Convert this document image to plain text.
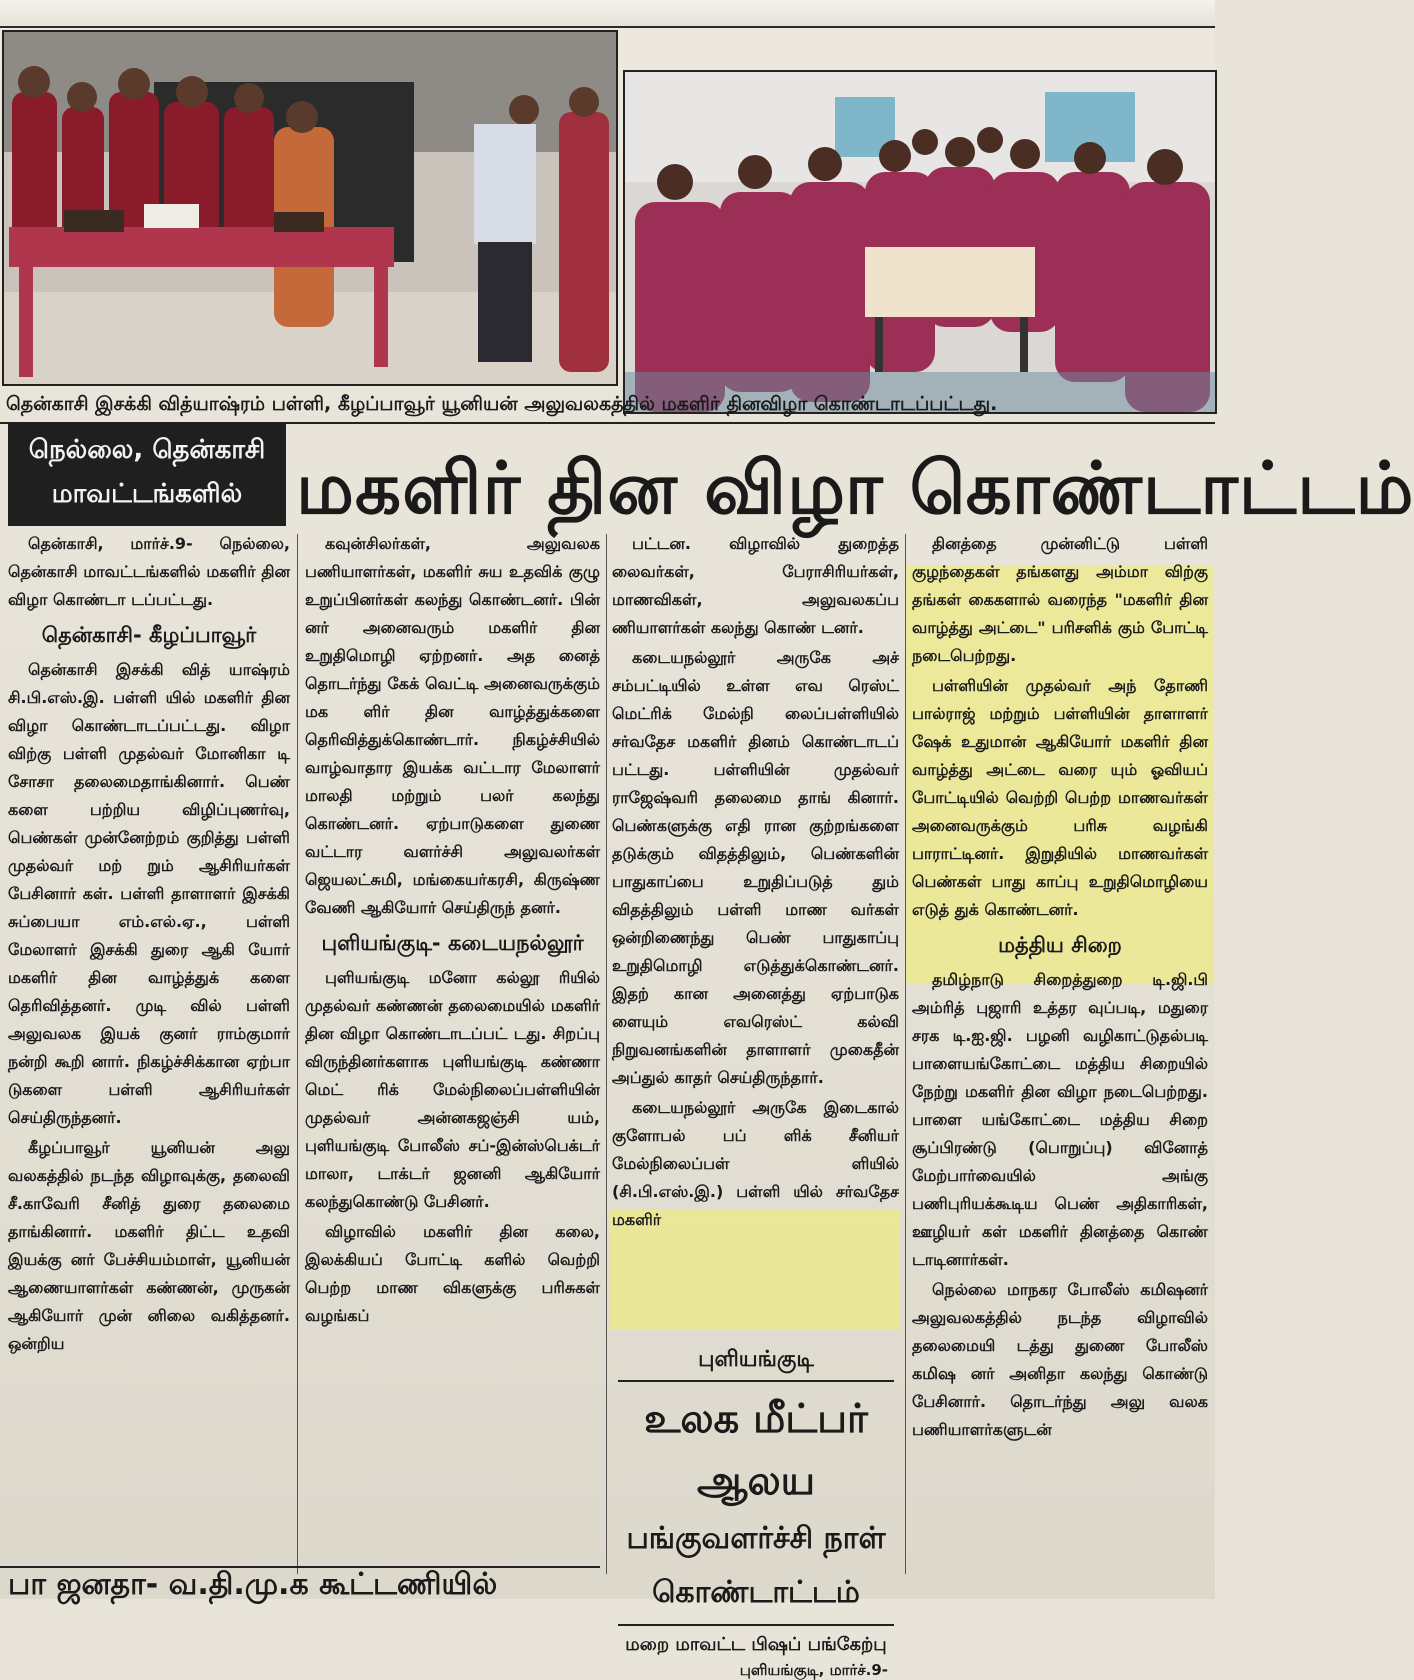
தென்காசி இசக்கி வித்யாஷ்ரம் பள்ளி, கீழப்பாவூர் யூனியன் அலுவலகத்தில் மகளிர் தினவிழா கொண்டாடப்பட்டது.
நெல்லை, தென்காசி
மாவட்டங்களில் மகளிர் தின விழா கொண்டாட்டம்

தென்காசி, மார்ச்.9- நெல்லை, தென்காசி மாவட்டங்களில் மகளிர் தின விழா கொண்டா டப்பட்டது.

தென்காசி- கீழப்பாவூர்

தென்காசி இசக்கி வித் யாஷ்ரம் சி.பி.எஸ்.இ. பள்ளி யில் மகளிர் தின விழா கொண்டாடப்பட்டது. விழா விற்கு பள்ளி முதல்வர் மோனிகா டி சோசா தலைமைதாங்கினார். பெண் களை பற்றிய விழிப்புணர்வு, பெண்கள் முன்னேற்றம் குறித்து பள்ளி முதல்வர் மற் றும் ஆசிரியர்கள் பேசினார் கள். பள்ளி தாளாளர் இசக்கி சுப்பையா எம்.எல்.ஏ., பள்ளி மேலாளர் இசக்கி துரை ஆகி யோர் மகளிர் தின வாழ்த்துக் களை தெரிவித்தனர். முடி வில் பள்ளி அலுவலக இயக் குனர் ராம்குமார் நன்றி கூறி னார். நிகழ்ச்சிக்கான ஏற்பா டுகளை பள்ளி ஆசிரியர்கள் செய்திருந்தனர்.

கீழப்பாவூர் யூனியன் அலு வலகத்தில் நடந்த விழாவுக்கு, தலைவி சீ.காவேரி சீனித் துரை தலைமை தாங்கினார். மகளிர் திட்ட உதவி இயக்கு னர் பேச்சியம்மாள், யூனியன் ஆணையாளர்கள் கண்ணன், முருகன் ஆகியோர் முன் னிலை வகித்தனர். ஒன்றிய

கவுன்சிலர்கள், அலுவலக பணியாளர்கள், மகளிர் சுய உதவிக் குழு உறுப்பினர்கள் கலந்து கொண்டனர். பின் னர் அனைவரும் மகளிர் தின உறுதிமொழி ஏற்றனர். அத னைத் தொடர்ந்து கேக் வெட்டி அனைவருக்கும் மக ளிர் தின வாழ்த்துக்களை தெரிவித்துக்கொண்டார். நிகழ்ச்சியில் வாழ்வாதார இயக்க வட்டார மேலாளர் மாலதி மற்றும் பலர் கலந்து கொண்டனர். ஏற்பாடுகளை துணை வட்டார வளர்ச்சி அலுவலர்கள் ஜெயலட்சுமி, மங்கையர்கரசி, கிருஷ்ண வேணி ஆகியோர் செய்திருந் தனர்.

புளியங்குடி- கடையநல்லூர்

புளியங்குடி மனோ கல்லூ ரியில் முதல்வர் கண்ணன் தலைமையில் மகளிர் தின விழா கொண்டாடப்பட் டது. சிறப்பு விருந்தினர்களாக புளியங்குடி கண்ணா மெட் ரிக் மேல்நிலைப்பள்ளியின் முதல்வர் அன்னகஜஞ்சி யம், புளியங்குடி போலீஸ் சப்-இன்ஸ்பெக்டர் மாலா, டாக்டர் ஜனனி ஆகியோர் கலந்துகொண்டு பேசினர்.

விழாவில் மகளிர் தின கலை, இலக்கியப் போட்டி களில் வெற்றி பெற்ற மாண விகளுக்கு பரிசுகள் வழங்கப்

பட்டன. விழாவில் துறைத்த லைவர்கள், பேராசிரியர்கள், மாணவிகள், அலுவலகப்ப ணியாளர்கள் கலந்து கொண் டனர்.

கடையநல்லூர் அருகே அச் சம்பட்டியில் உள்ள எவ ரெஸ்ட் மெட்ரிக் மேல்நி லைப்பள்ளியில் சர்வதேச மகளிர் தினம் கொண்டாடப் பட்டது. பள்ளியின் முதல்வர் ராஜேஷ்வரி தலைமை தாங் கினார். பெண்களுக்கு எதி ரான குற்றங்களை தடுக்கும் விதத்திலும், பெண்களின் பாதுகாப்பை உறுதிப்படுத் தும் விதத்திலும் பள்ளி மாண வர்கள் ஒன்றிணைந்து பெண் பாதுகாப்பு உறுதிமொழி எடுத்துக்கொண்டனர். இதற் கான அனைத்து ஏற்பாடுக ளையும் எவரெஸ்ட் கல்வி நிறுவனங்களின் தாளாளர் முகைதீன் அப்துல் காதர் செய்திருந்தார்.

கடையநல்லூர் அருகே இடைகால் குளோபல் பப் ளிக் சீனியர் மேல்நிலைப்பள் ளியில் (சி.பி.எஸ்.இ.) பள்ளி யில் சர்வதேச மகளிர்

புளியங்குடி
உலக மீட்பர் ஆலய
பங்குவளர்ச்சி நாள் கொண்டாட்டம்
மறை மாவட்ட பிஷப் பங்கேற்பு
புளியங்குடி, மார்ச்.9-

தினத்தை முன்னிட்டு பள்ளி குழந்தைகள் தங்களது அம்மா விற்கு தங்கள் கைகளால் வரைந்த "மகளிர் தின வாழ்த்து அட்டை" பரிசளிக் கும் போட்டி நடைபெற்றது.

பள்ளியின் முதல்வர் அந் தோணி பால்ராஜ் மற்றும் பள்ளியின் தாளாளர் ஷேக் உதுமான் ஆகியோர் மகளிர் தின வாழ்த்து அட்டை வரை யும் ஓவியப் போட்டியில் வெற்றி பெற்ற மாணவர்கள் அனைவருக்கும் பரிசு வழங்கி பாராட்டினர். இறுதியில் மாணவர்கள் பெண்கள் பாது காப்பு உறுதிமொழியை எடுத் துக் கொண்டனர்.

மத்திய சிறை

தமிழ்நாடு சிறைத்துறை டி.ஜி.பி அம்ரித் புஜாரி உத்தர வுப்படி, மதுரை சரக டி.ஐ.ஜி. பழனி வழிகாட்டுதல்படி பாளையங்கோட்டை மத்திய சிறையில் நேற்று மகளிர் தின விழா நடைபெற்றது. பாளை யங்கோட்டை மத்திய சிறை சூப்பிரண்டு (பொறுப்பு) வினோத் மேற்பார்வையில் அங்கு பணிபுரியக்கூடிய பெண் அதிகாரிகள், ஊழியர் கள் மகளிர் தினத்தை கொண் டாடினார்கள்.

நெல்லை மாநகர போலீஸ் கமிஷனர் அலுவலகத்தில் நடந்த விழாவில் தலைமையி டத்து துணை போலீஸ் கமிஷ னர் அனிதா கலந்து கொண்டு பேசினார். தொடர்ந்து அலு வலக பணியாளர்களுடன்

பா ஜனதா- வ.தி.மு.க கூட்டணியில்
